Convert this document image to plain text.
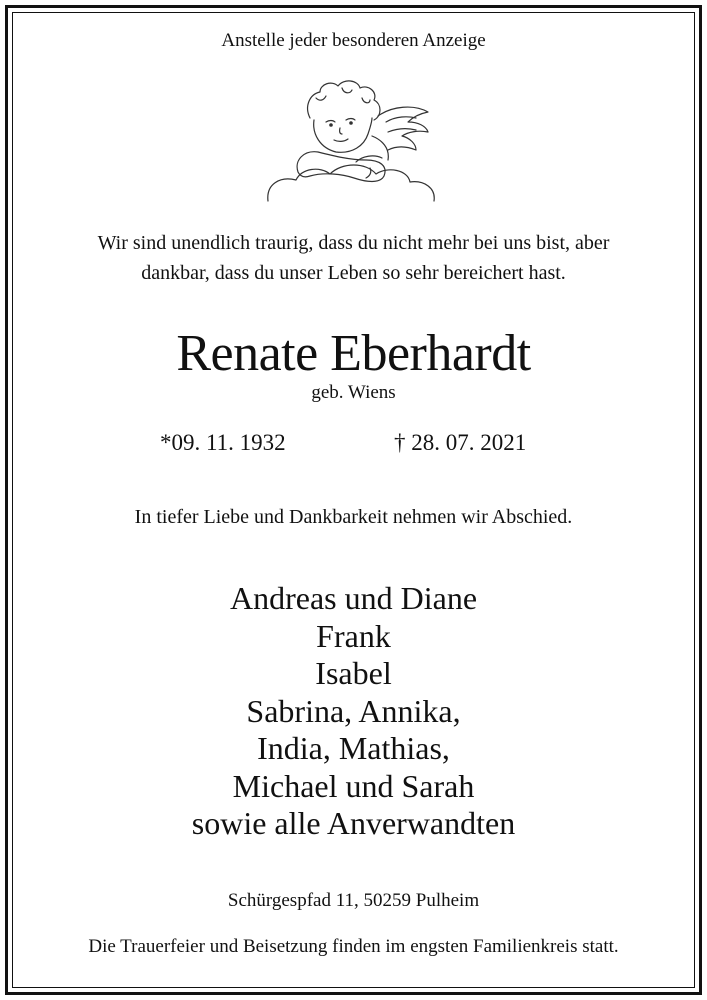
Anstelle jeder besonderen Anzeige
Wir sind unendlich traurig, dass du nicht mehr bei uns bist, aber
dankbar, dass du unser Leben so sehr bereichert hast.
Renate Eberhardt
geb. Wiens
*09. 11. 1932	† 28. 07. 2021
In tiefer Liebe und Dankbarkeit nehmen wir Abschied.
Andreas und Diane
Frank
Isabel
Sabrina, Annika,
India, Mathias,
Michael und Sarah
sowie alle Anverwandten
Schürgespfad 11, 50259 Pulheim
Die Trauerfeier und Beisetzung finden im engsten Familienkreis statt.
